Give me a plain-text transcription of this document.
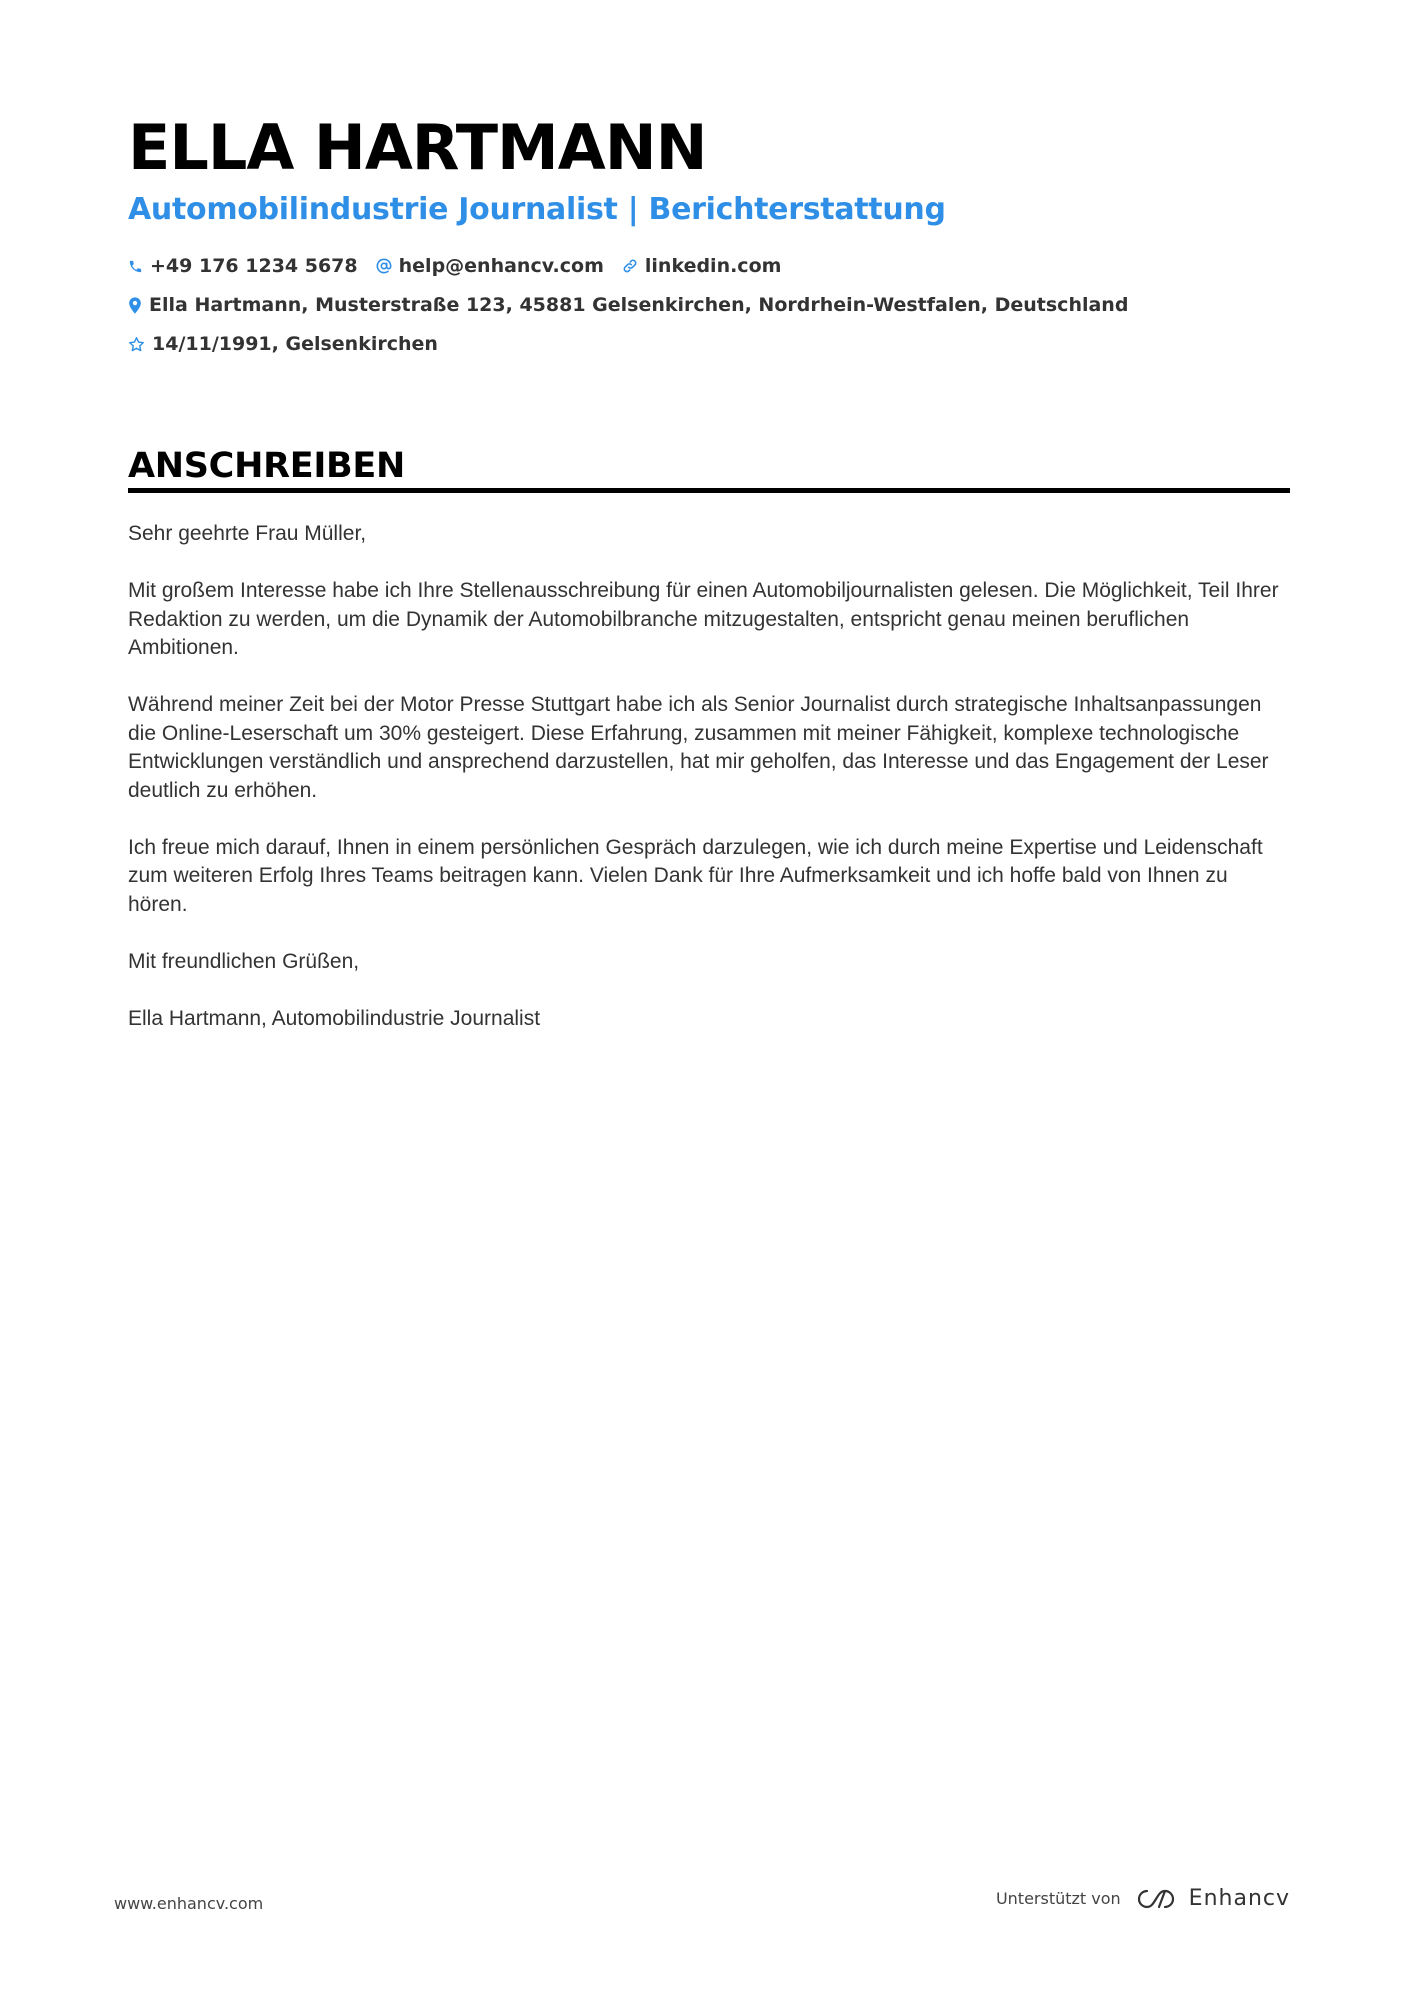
ELLA HARTMANN
Automobilindustrie Journalist | Berichterstattung
+49 176 1234 5678 help@enhancv.com linkedin.com
Ella Hartmann, Musterstraße 123, 45881 Gelsenkirchen, Nordrhein-Westfalen, Deutschland
14/11/1991, Gelsenkirchen
ANSCHREIBEN

Sehr geehrte Frau Müller,

Mit großem Interesse habe ich Ihre Stellenausschreibung für einen Automobiljournalisten gelesen. Die Möglichkeit, Teil Ihrer Redaktion zu werden, um die Dynamik der Automobilbranche mitzugestalten, entspricht genau meinen beruflichen Ambitionen.

Während meiner Zeit bei der Motor Presse Stuttgart habe ich als Senior Journalist durch strategische Inhaltsanpassungen die Online-Leserschaft um 30% gesteigert. Diese Erfahrung, zusammen mit meiner Fähigkeit, komplexe technologische Entwicklungen verständlich und ansprechend darzustellen, hat mir geholfen, das Interesse und das Engagement der Leser deutlich zu erhöhen.

Ich freue mich darauf, Ihnen in einem persönlichen Gespräch darzulegen, wie ich durch meine Expertise und Leidenschaft zum weiteren Erfolg Ihres Teams beitragen kann. Vielen Dank für Ihre Aufmerksamkeit und ich hoffe bald von Ihnen zu hören.

Mit freundlichen Grüßen,

Ella Hartmann, Automobilindustrie Journalist

www.enhancv.com	Unterstützt von	Enhancv
